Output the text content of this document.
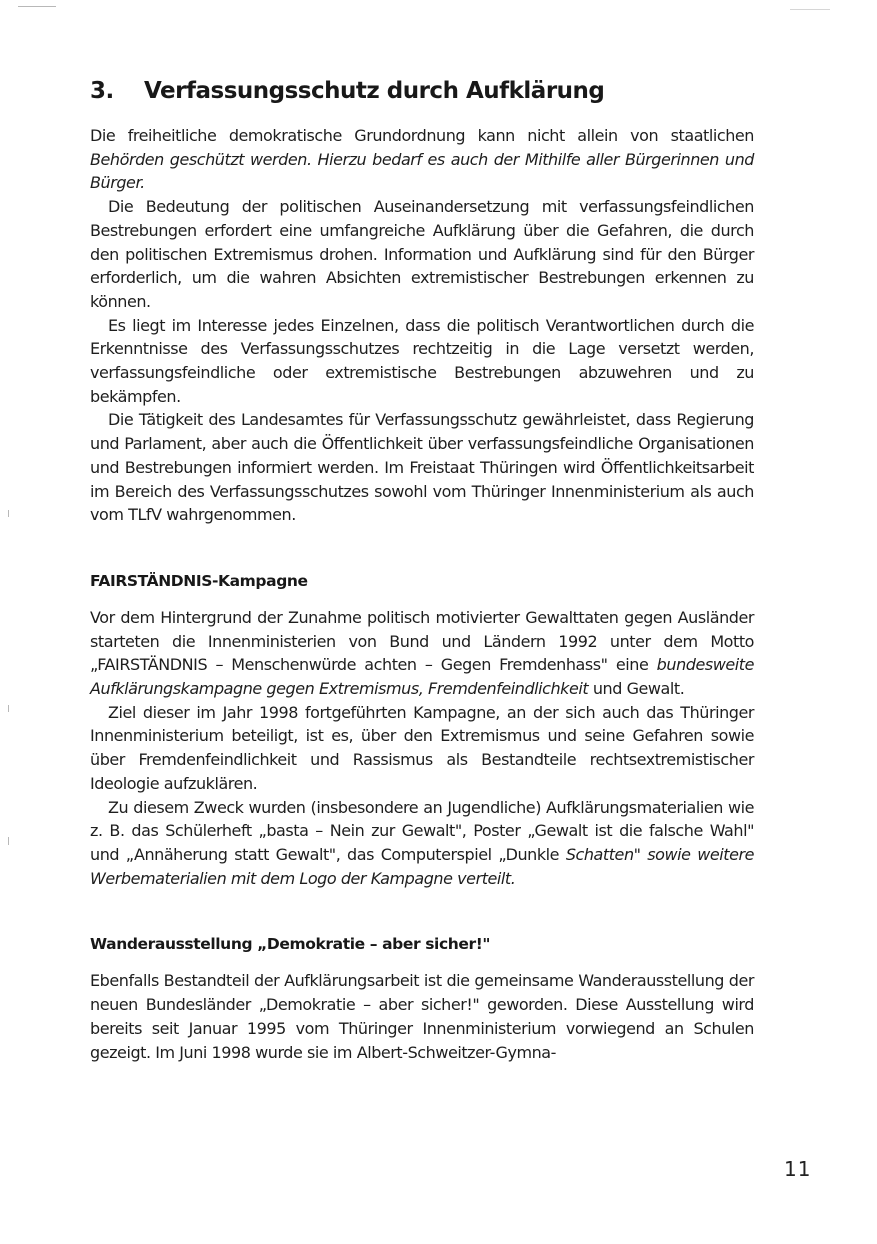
3.	Verfassungsschutz durch Aufklärung

Die freiheitliche demokratische Grundordnung kann nicht allein von staatlichen Behörden geschützt werden. Hierzu bedarf es auch der Mithilfe aller Bürgerinnen und Bürger.

Die Bedeutung der politischen Auseinandersetzung mit verfassungsfeindlichen Bestrebungen erfordert eine umfangreiche Aufklärung über die Gefahren, die durch den politischen Extremismus drohen. Information und Aufklärung sind für den Bürger erforderlich, um die wahren Absichten extremistischer Bestrebungen erkennen zu können.

Es liegt im Interesse jedes Einzelnen, dass die politisch Verantwortlichen durch die Erkenntnisse des Verfassungsschutzes rechtzeitig in die Lage versetzt werden, verfassungsfeindliche oder extremistische Bestrebungen abzuwehren und zu bekämpfen.

Die Tätigkeit des Landesamtes für Verfassungsschutz gewährleistet, dass Regierung und Parlament, aber auch die Öffentlichkeit über verfassungsfeindliche Organisationen und Bestrebungen informiert werden. Im Freistaat Thüringen wird Öffentlichkeitsarbeit im Bereich des Verfassungsschutzes sowohl vom Thüringer Innenministerium als auch vom TLfV wahrgenommen.

FAIRSTÄNDNIS-Kampagne

Vor dem Hintergrund der Zunahme politisch motivierter Gewalttaten gegen Ausländer starteten die Innenministerien von Bund und Ländern 1992 unter dem Motto „FAIRSTÄNDNIS – Menschenwürde achten – Gegen Fremdenhass" eine bundesweite Aufklärungskampagne gegen Extremismus, Fremdenfeindlichkeit und Gewalt.

Ziel dieser im Jahr 1998 fortgeführten Kampagne, an der sich auch das Thüringer Innenministerium beteiligt, ist es, über den Extremismus und seine Gefahren sowie über Fremdenfeindlichkeit und Rassismus als Bestandteile rechtsextremistischer Ideologie aufzuklären.

Zu diesem Zweck wurden (insbesondere an Jugendliche) Aufklärungsmaterialien wie z. B. das Schülerheft „basta – Nein zur Gewalt", Poster „Gewalt ist die falsche Wahl" und „Annäherung statt Gewalt", das Computerspiel „Dunkle Schatten" sowie weitere Werbematerialien mit dem Logo der Kampagne verteilt.

Wanderausstellung „Demokratie – aber sicher!"

Ebenfalls Bestandteil der Aufklärungsarbeit ist die gemeinsame Wanderausstellung der neuen Bundesländer „Demokratie – aber sicher!" geworden. Diese Ausstellung wird bereits seit Januar 1995 vom Thüringer Innenministerium vorwiegend an Schulen gezeigt. Im Juni 1998 wurde sie im Albert-Schweitzer-Gymna-

11
